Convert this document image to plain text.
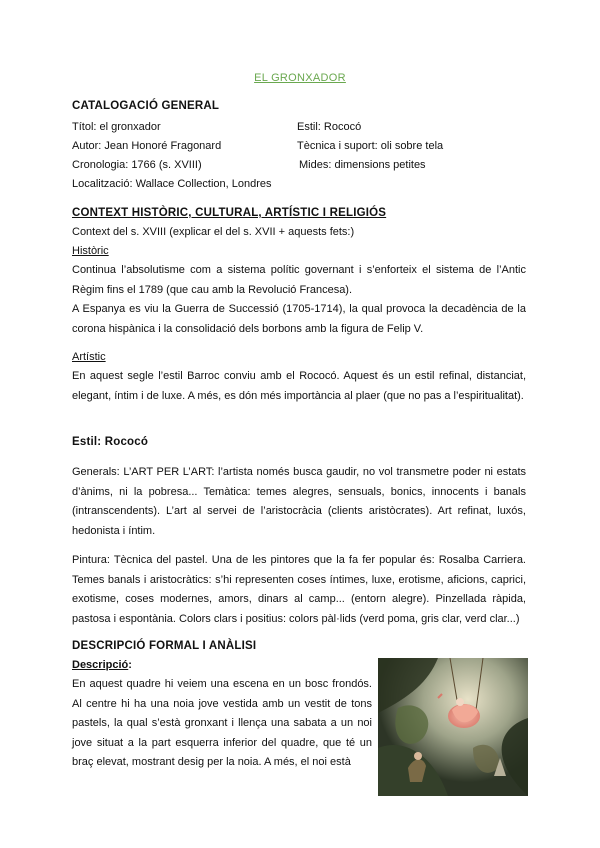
EL GRONXADOR
CATALOGACIÓ GENERAL
Títol: el gronxador
Autor: Jean Honoré Fragonard
Cronologia: 1766 (s. XVIII)
Localització: Wallace Collection, Londres
Estil: Rococó
Tècnica i suport: oli sobre tela
Mides: dimensions petites
CONTEXT HISTÒRIC, CULTURAL, ARTÍSTIC I RELIGIÓS
Context del s. XVIII (explicar el del s. XVII + aquests fets:)
Històric
Continua l’absolutisme com a sistema polític governant i s’enforteix el sistema de l’Antic Règim fins el 1789 (que cau amb la Revolució Francesa).
A Espanya es viu la Guerra de Successió (1705-1714), la qual provoca la decadència de la corona hispànica i la consolidació dels borbons amb la figura de Felip V.
Artístic
En aquest segle l’estil Barroc conviu amb el Rococó. Aquest és un estil refinal, distanciat, elegant, íntim i de luxe. A més, es dón més importància al plaer (que no pas a l’espiritualitat).
Estil: Rococó
Generals: L’ART PER L’ART: l’artista només busca gaudir, no vol transmetre poder ni estats d’ànims, ni la pobresa... Temàtica: temes alegres, sensuals, bonics, innocents i banals (intranscendents). L’art al servei de l’aristocràcia (clients aristòcrates). Art refinat, luxós, hedonista i íntim.
Pintura: Tècnica del pastel. Una de les pintores que la fa fer popular és: Rosalba Carriera. Temes banals i aristocràtics: s’hi representen coses íntimes, luxe, erotisme, aficions, caprici, exotisme, coses modernes, amors, dinars al camp... (entorn alegre). Pinzellada ràpida, pastosa i espontània. Colors clars i positius: colors pàl·lids (verd poma, gris clar, verd clar...)
DESCRIPCIÓ FORMAL I ANÀLISI
Descripció:
En aquest quadre hi veiem una escena en un bosc frondós. Al centre hi ha una noia jove vestida amb un vestit de tons pastels, la qual s’està gronxant i llença una sabata a un noi jove situat a la part esquerra inferior del quadre, que té un braç elevat, mostrant desig per la noia. A més, el noi està
